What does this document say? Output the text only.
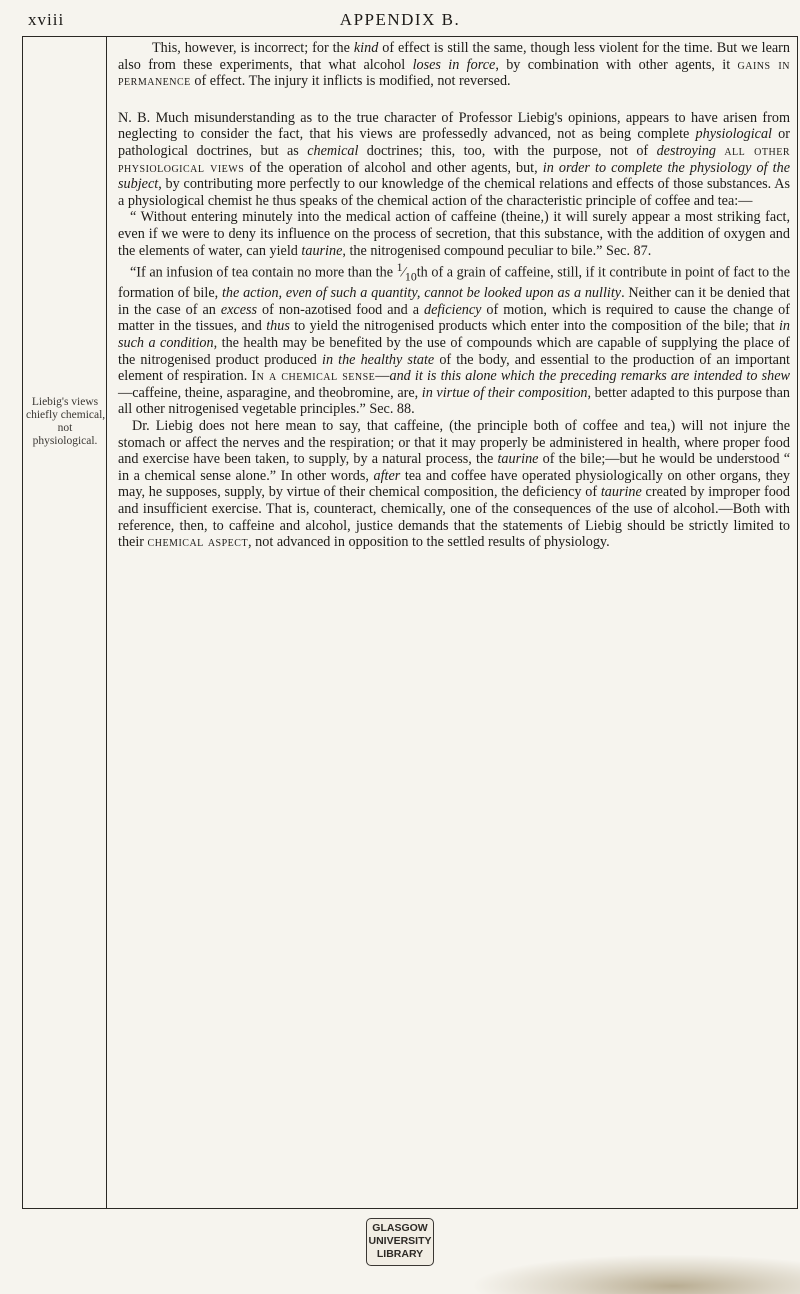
xviii	APPENDIX B.
Liebig's views
chiefly chemical,
not
physiological.

This, however, is incorrect; for the kind of effect is still the same, though less violent for the time. But we learn also from these experiments, that what alcohol loses in force, by combination with other agents, it gains in permanence of effect. The injury it inflicts is modified, not reversed.

N. B. Much misunderstanding as to the true character of Professor Liebig's opinions, appears to have arisen from neglecting to consider the fact, that his views are professedly advanced, not as being complete physiological or pathological doctrines, but as chemical doctrines; this, too, with the purpose, not of destroying all other physiological views of the operation of alcohol and other agents, but, in order to complete the physiology of the subject, by contributing more perfectly to our knowledge of the chemical relations and effects of those substances. As a physiological chemist he thus speaks of the chemical action of the characteristic principle of coffee and tea:—

“ Without entering minutely into the medical action of caffeine (theine,) it will surely appear a most striking fact, even if we were to deny its influence on the process of secretion, that this substance, with the addition of oxygen and the elements of water, can yield taurine, the nitrogenised compound peculiar to bile.” Sec. 87.

“If an infusion of tea contain no more than the $^1⁄_{10}th$ of a grain of caffeine, still, if it contribute in point of fact to the formation of bile, the action, even of such a quantity, cannot be looked upon as a nullity. Neither can it be denied that in the case of an excess of non-azotised food and a deficiency of motion, which is required to cause the change of matter in the tissues, and thus to yield the nitrogenised products which enter into the composition of the bile; that in such a condition, the health may be benefited by the use of compounds which are capable of supplying the place of the nitrogenised product produced in the healthy state of the body, and essential to the production of an important element of respiration. In a chemical sense—and it is this alone which the preceding remarks are intended to shew—caffeine, theine, asparagine, and theobromine, are, in virtue of their composition, better adapted to this purpose than all other nitrogenised vegetable principles.” Sec. 88.

Dr. Liebig does not here mean to say, that caffeine, (the principle both of coffee and tea,) will not injure the stomach or affect the nerves and the respiration; or that it may properly be administered in health, where proper food and exercise have been taken, to supply, by a natural process, the taurine of the bile;—but he would be understood “ in a chemical sense alone.” In other words, after tea and coffee have operated physiologically on other organs, they may, he supposes, supply, by virtue of their chemical composition, the deficiency of taurine created by improper food and insufficient exercise. That is, counteract, chemically, one of the consequences of the use of alcohol.—Both with reference, then, to caffeine and alcohol, justice demands that the statements of Liebig should be strictly limited to their chemical aspect, not advanced in opposition to the settled results of physiology.

GLASGOW
UNIVERSITY
LIBRARY
